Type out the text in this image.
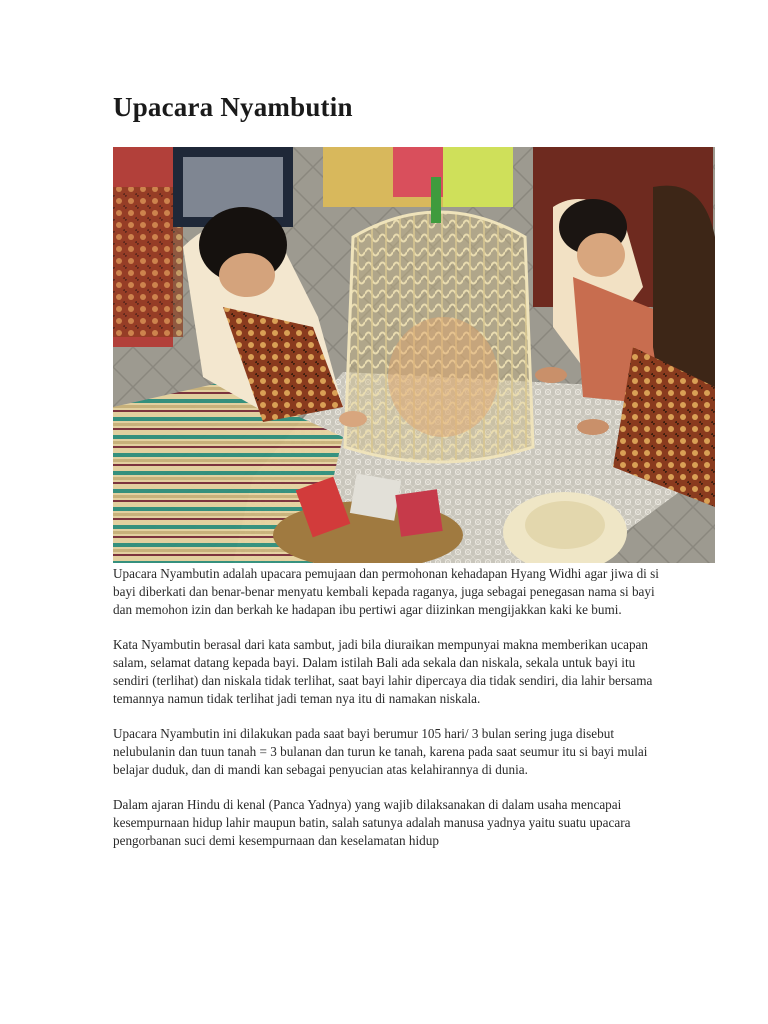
Upacara Nyambutin

Upacara Nyambutin adalah upacara pemujaan dan permohonan kehadapan Hyang Widhi agar jiwa di si bayi diberkati dan benar-benar menyatu kembali kepada raganya, juga sebagai penegasan nama si bayi dan memohon izin dan berkah ke hadapan ibu pertiwi agar diizinkan mengijakkan kaki ke bumi.

Kata Nyambutin berasal dari kata sambut, jadi bila diuraikan mempunyai makna memberikan ucapan salam, selamat datang kepada bayi. Dalam istilah Bali ada sekala dan niskala, sekala untuk bayi itu sendiri (terlihat) dan niskala tidak terlihat, saat bayi lahir dipercaya dia tidak sendiri, dia lahir bersama temannya namun tidak terlihat jadi teman nya itu di namakan niskala.

Upacara Nyambutin ini dilakukan pada saat bayi berumur 105 hari/ 3 bulan sering juga disebut nelubulanin dan tuun tanah = 3 bulanan dan turun ke tanah, karena pada saat seumur itu si bayi mulai belajar duduk, dan di mandi kan sebagai penyucian atas kelahirannya di dunia.

Dalam ajaran Hindu di kenal (Panca Yadnya) yang wajib dilaksanakan di dalam usaha mencapai kesempurnaan hidup lahir maupun batin, salah satunya adalah manusa yadnya yaitu suatu upacara pengorbanan suci demi kesempurnaan dan keselamatan hidup
